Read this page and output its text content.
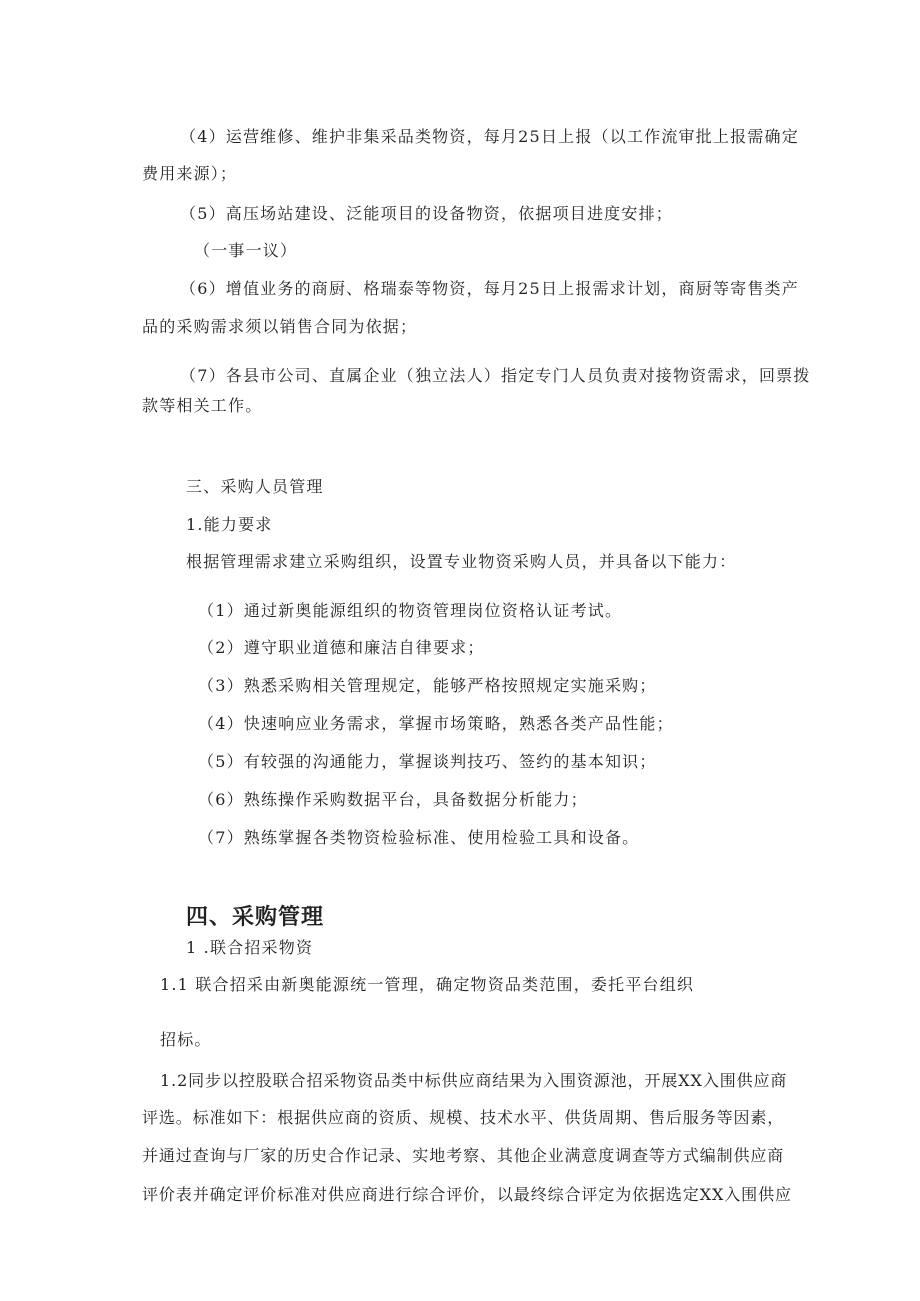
（4）运营维修、维护非集采品类物资，每月25日上报（以工作流审批上报需确定
费用来源）；
（5）高压场站建设、泛能项目的设备物资，依据项目进度安排；
（一事一议）
（6）增值业务的商厨、格瑞泰等物资，每月25日上报需求计划，商厨等寄售类产
品的采购需求须以销售合同为依据；
（7）各县市公司、直属企业（独立法人）指定专门人员负责对接物资需求，回票拨
款等相关工作。
三、采购人员管理
1.能力要求
根据管理需求建立采购组织，设置专业物资采购人员，并具备以下能力：
（1）通过新奥能源组织的物资管理岗位资格认证考试。
（2）遵守职业道德和廉洁自律要求；
（3）熟悉采购相关管理规定，能够严格按照规定实施采购；
（4）快速响应业务需求，掌握市场策略，熟悉各类产品性能；
（5）有较强的沟通能力，掌握谈判技巧、签约的基本知识；
（6）熟练操作采购数据平台，具备数据分析能力；
（7）熟练掌握各类物资检验标准、使用检验工具和设备。
四、采购管理
1 .联合招采物资
1.1 联合招采由新奥能源统一管理，确定物资品类范围，委托平台组织
招标。
1.2同步以控股联合招采物资品类中标供应商结果为入围资源池，开展XX入围供应商
评选。标准如下：根据供应商的资质、规模、技术水平、供货周期、售后服务等因素，
并通过查询与厂家的历史合作记录、实地考察、其他企业满意度调查等方式编制供应商
评价表并确定评价标准对供应商进行综合评价，以最终综合评定为依据选定XX入围供应
